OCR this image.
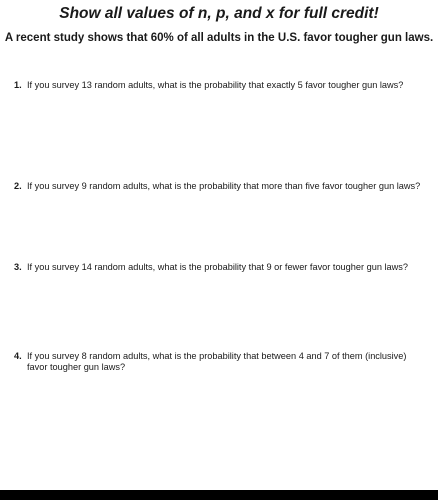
Show all values of n, p, and x for full credit!
A recent study shows that 60% of all adults in the U.S. favor tougher gun laws.
1. If you survey 13 random adults, what is the probability that exactly 5 favor tougher gun laws?
2. If you survey 9 random adults, what is the probability that more than five favor tougher gun laws?
3. If you survey 14 random adults, what is the probability that 9 or fewer favor tougher gun laws?
4. If you survey 8 random adults, what is the probability that between 4 and 7 of them (inclusive) favor tougher gun laws?
